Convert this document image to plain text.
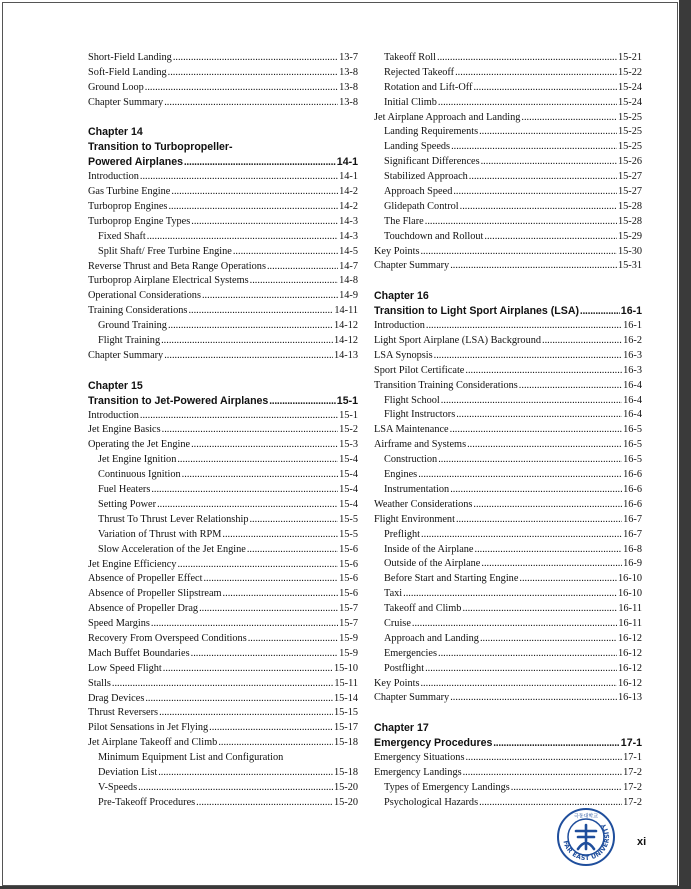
Short-Field Landing .....	13-7
Soft-Field Landing .....	13-8
Ground Loop .....	13-8
Chapter Summary .....	13-8
Chapter 14
Transition to Turbopropeller-
Powered Airplanes .....	14-1
Introduction .....	14-1
Gas Turbine Engine .....	14-2
Turboprop Engines .....	14-2
Turboprop Engine Types .....	14-3
Fixed Shaft .....	14-3
Split Shaft/ Free Turbine Engine .....	14-5
Reverse Thrust and Beta Range Operations .....	14-7
Turboprop Airplane Electrical Systems .....	14-8
Operational Considerations .....	14-9
Training Considerations .....	14-11
Ground Training .....	14-12
Flight Training .....	14-12
Chapter Summary .....	14-13
Chapter 15
Transition to Jet-Powered Airplanes .....	15-1
Introduction .....	15-1
Jet Engine Basics .....	15-2
Operating the Jet Engine .....	15-3
Jet Engine Ignition .....	15-4
Continuous Ignition .....	15-4
Fuel Heaters .....	15-4
Setting Power .....	15-4
Thrust To Thrust Lever Relationship .....	15-5
Variation of Thrust with RPM .....	15-5
Slow Acceleration of the Jet Engine .....	15-6
Jet Engine Efficiency .....	15-6
Absence of Propeller Effect .....	15-6
Absence of Propeller Slipstream .....	15-6
Absence of Propeller Drag .....	15-7
Speed Margins .....	15-7
Recovery From Overspeed Conditions .....	15-9
Mach Buffet Boundaries .....	15-9
Low Speed Flight .....	15-10
Stalls .....	15-11
Drag Devices .....	15-14
Thrust Reversers .....	15-15
Pilot Sensations in Jet Flying .....	15-17
Jet Airplane Takeoff and Climb .....	15-18
Minimum Equipment List and Configuration
Deviation List .....	15-18
V-Speeds .....	15-20
Pre-Takeoff Procedures .....	15-20
Takeoff Roll .....	15-21
Rejected Takeoff .....	15-22
Rotation and Lift-Off .....	15-24
Initial Climb .....	15-24
Jet Airplane Approach and Landing .....	15-25
Landing Requirements .....	15-25
Landing Speeds .....	15-25
Significant Differences .....	15-26
Stabilized Approach .....	15-27
Approach Speed .....	15-27
Glidepath Control .....	15-28
The Flare .....	15-28
Touchdown and Rollout .....	15-29
Key Points .....	15-30
Chapter Summary .....	15-31
Chapter 16
Transition to Light Sport Airplanes (LSA) .....	16-1
Introduction .....	16-1
Light Sport Airplane (LSA) Background .....	16-2
LSA Synopsis .....	16-3
Sport Pilot Certificate .....	16-3
Transition Training Considerations .....	16-4
Flight School .....	16-4
Flight Instructors .....	16-4
LSA Maintenance .....	16-5
Airframe and Systems .....	16-5
Construction .....	16-5
Engines .....	16-6
Instrumentation .....	16-6
Weather Considerations .....	16-6
Flight Environment .....	16-7
Preflight .....	16-7
Inside of the Airplane .....	16-8
Outside of the Airplane .....	16-9
Before Start and Starting Engine .....	16-10
Taxi .....	16-10
Takeoff and Climb .....	16-11
Cruise .....	16-11
Approach and Landing .....	16-12
Emergencies .....	16-12
Postflight .....	16-12
Key Points .....	16-12
Chapter Summary .....	16-13
Chapter 17
Emergency Procedures .....	17-1
Emergency Situations .....	17-1
Emergency Landings .....	17-2
Types of Emergency Landings .....	17-2
Psychological Hazards .....	17-2
FAR EAST UNIVERSITY
극동대학교
xi
